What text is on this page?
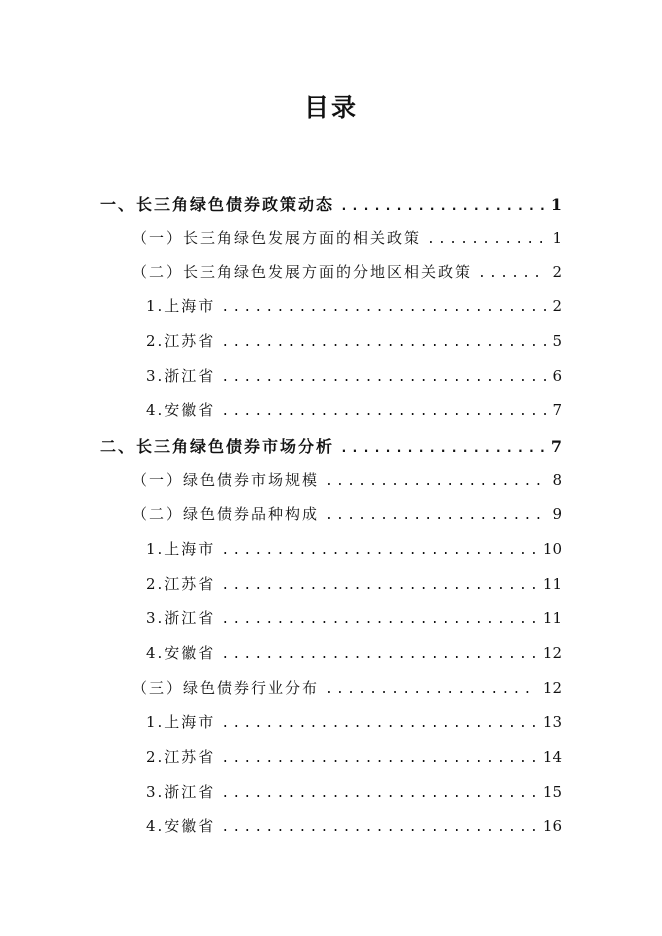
目录
一、长三角绿色债券政策动态 .....	1
（一）长三角绿色发展方面的相关政策 .....	1
（二）长三角绿色发展方面的分地区相关政策 .....	2
1.上海市 .....	2
2.江苏省 .....	5
3.浙江省 .....	6
4.安徽省 .....	7
二、长三角绿色债券市场分析 .....	7
（一）绿色债券市场规模 .....	8
（二）绿色债券品种构成 .....	9
1.上海市 .....	10
2.江苏省 .....	11
3.浙江省 .....	11
4.安徽省 .....	12
（三）绿色债券行业分布 .....	12
1.上海市 .....	13
2.江苏省 .....	14
3.浙江省 .....	15
4.安徽省 .....	16
